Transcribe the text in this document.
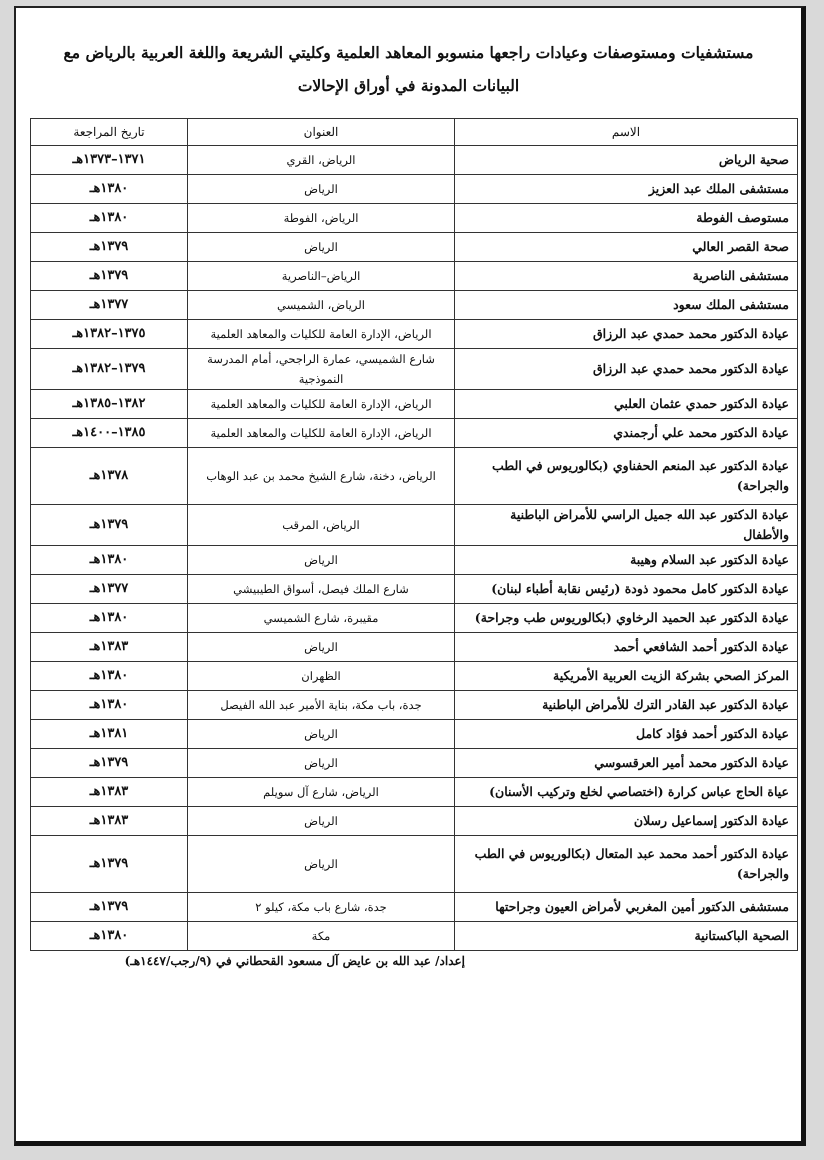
مستشفيات ومستوصفات وعيادات راجعها منسوبو المعاهد العلمية وكليتي الشريعة واللغة العربية بالرياض مع
البيانات المدونة في أوراق الإحالات
الاسم	العنوان	تاريخ المراجعة
صحية الرياض	الرياض، القري	١٣٧١–١٣٧٣هـ
مستشفى الملك عبد العزيز	الرياض	١٣٨٠هـ
مستوصف الفوطة	الرياض، الفوطة	١٣٨٠هـ
صحة القصر العالي	الرياض	١٣٧٩هـ
مستشفى الناصرية	الرياض–الناصرية	١٣٧٩هـ
مستشفى الملك سعود	الرياض، الشميسي	١٣٧٧هـ
عيادة الدكتور محمد حمدي عبد الرزاق	الرياض، الإدارة العامة للكليات والمعاهد العلمية	١٣٧٥–١٣٨٢هـ
عيادة الدكتور محمد حمدي عبد الرزاق	شارع الشميسي، عمارة الراجحي، أمام المدرسة النموذجية	١٣٧٩–١٣٨٢هـ
عيادة الدكتور حمدي عثمان العلبي	الرياض، الإدارة العامة للكليات والمعاهد العلمية	١٣٨٢–١٣٨٥هـ
عيادة الدكتور محمد علي أرجمندي	الرياض، الإدارة العامة للكليات والمعاهد العلمية	١٣٨٥–١٤٠٠هـ
عيادة الدكتور عبد المنعم الحفناوي (بكالوريوس في الطب والجراحة)	الرياض، دخنة، شارع الشيخ محمد بن عبد الوهاب	١٣٧٨هـ
عيادة الدكتور عبد الله جميل الراسي للأمراض الباطنية والأطفال	الرياض، المرقب	١٣٧٩هـ
عيادة الدكتور عبد السلام وهيبة	الرياض	١٣٨٠هـ
عيادة الدكتور كامل محمود ذودة (رئيس نقابة أطباء لبنان)	شارع الملك فيصل، أسواق الطيبيشي	١٣٧٧هـ
عيادة الدكتور عبد الحميد الرخاوي (بكالوريوس طب وجراحة)	مقيبرة، شارع الشميسي	١٣٨٠هـ
عيادة الدكتور أحمد الشافعي أحمد	الرياض	١٣٨٣هـ
المركز الصحي بشركة الزيت العربية الأمريكية	الظهران	١٣٨٠هـ
عيادة الدكتور عبد القادر الترك للأمراض الباطنية	جدة، باب مكة، بناية الأمير عبد الله الفيصل	١٣٨٠هـ
عيادة الدكتور أحمد فؤاد كامل	الرياض	١٣٨١هـ
عيادة الدكتور محمد أمير العرقسوسي	الرياض	١٣٧٩هـ
عياة الحاج عباس كرارة (اختصاصي لخلع وتركيب الأسنان)	الرياض، شارع آل سويلم	١٣٨٣هـ
عيادة الدكتور إسماعيل رسلان	الرياض	١٣٨٣هـ
عيادة الدكتور أحمد محمد عبد المتعال (بكالوريوس في الطب والجراحة)	الرياض	١٣٧٩هـ
مستشفى الدكتور أمين المغربي لأمراض العيون وجراحتها	جدة، شارع باب مكة، كيلو ٢	١٣٧٩هـ
الصحية الباكستانية	مكة	١٣٨٠هـ
إعداد/ عبد الله بن عايض آل مسعود القحطاني في (٩/رجب/١٤٤٧هـ)
